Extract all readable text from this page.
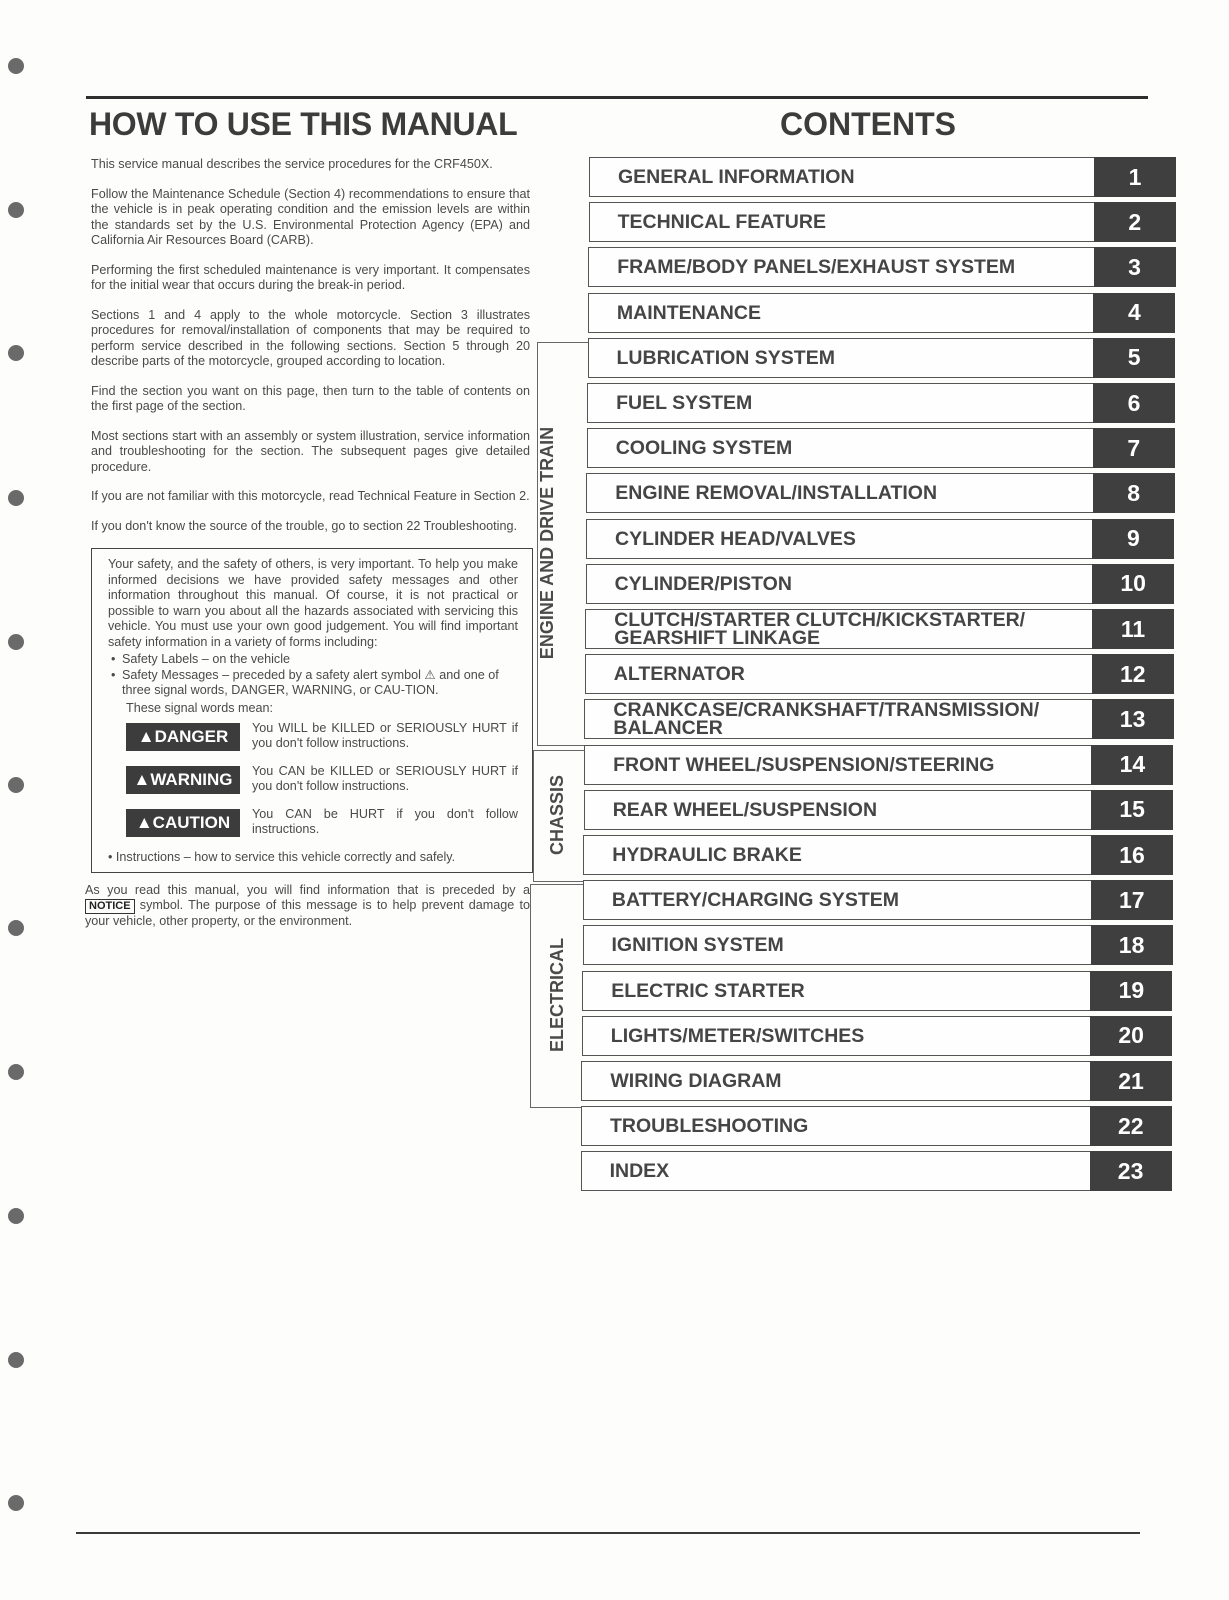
HOW TO USE THIS MANUAL

This service manual describes the service procedures for the CRF450X.

Follow the Maintenance Schedule (Section 4) recommendations to ensure that the vehicle is in peak operating condition and the emission levels are within the standards set by the U.S. Environmental Protection Agency (EPA) and California Air Resources Board (CARB).

Performing the first scheduled maintenance is very important. It compensates for the initial wear that occurs during the break-in period.

Sections 1 and 4 apply to the whole motorcycle. Section 3 illustrates procedures for removal/installation of components that may be required to perform service described in the following sections. Section 5 through 20 describe parts of the motorcycle, grouped according to location.

Find the section you want on this page, then turn to the table of contents on the first page of the section.

Most sections start with an assembly or system illustration, service information and troubleshooting for the section. The subsequent pages give detailed procedure.

If you are not familiar with this motorcycle, read Technical Feature in Section 2.

If you don't know the source of the trouble, go to section 22 Troubleshooting.

Your safety, and the safety of others, is very important. To help you make informed decisions we have provided safety messages and other information throughout this manual. Of course, it is not practical or possible to warn you about all the hazards associated with servicing this vehicle. You must use your own good judgement. You will find important safety information in a variety of forms including:

• Safety Labels – on the vehicle
• Safety Messages – preceded by a safety alert symbol ⚠ and one of three signal words, DANGER, WARNING, or CAU-TION.
These signal words mean:
▲DANGER	You WILL be KILLED or SERIOUSLY HURT if you don't follow instructions.
▲WARNING	You CAN be KILLED or SERIOUSLY HURT if you don't follow instructions.
▲CAUTION	You CAN be HURT if you don't follow instructions.
• Instructions – how to service this vehicle correctly and safely.

As you read this manual, you will find information that is preceded by a NOTICE symbol. The purpose of this message is to help prevent damage to your vehicle, other property, or the environment.

CONTENTS
ENGINE AND DRIVE TRAIN
CHASSIS
ELECTRICAL
GENERAL INFORMATION	1
TECHNICAL FEATURE	2
FRAME/BODY PANELS/EXHAUST SYSTEM	3
MAINTENANCE	4
LUBRICATION SYSTEM	5
FUEL SYSTEM	6
COOLING SYSTEM	7
ENGINE REMOVAL/INSTALLATION	8
CYLINDER HEAD/VALVES	9
CYLINDER/PISTON	10
CLUTCH/STARTER CLUTCH/KICKSTARTER/ GEARSHIFT LINKAGE	11
ALTERNATOR	12
CRANKCASE/CRANKSHAFT/TRANSMISSION/ BALANCER	13
FRONT WHEEL/SUSPENSION/STEERING	14
REAR WHEEL/SUSPENSION	15
HYDRAULIC BRAKE	16
BATTERY/CHARGING SYSTEM	17
IGNITION SYSTEM	18
ELECTRIC STARTER	19
LIGHTS/METER/SWITCHES	20
WIRING DIAGRAM	21
TROUBLESHOOTING	22
INDEX	23
